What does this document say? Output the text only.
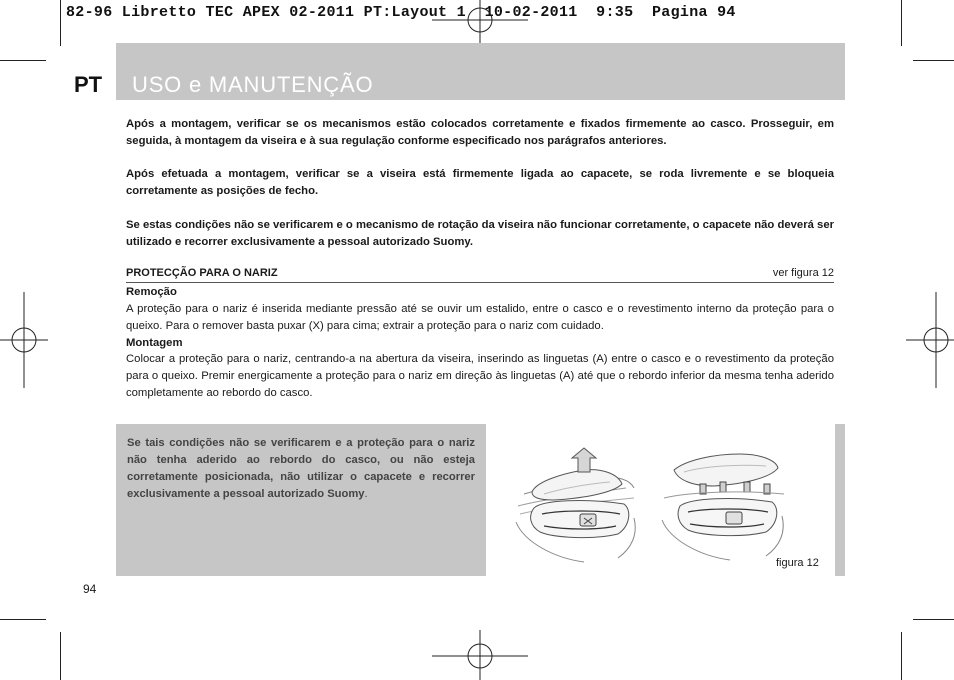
82-96 Libretto TEC APEX 02-2011 PT:Layout 1  10-02-2011  9:35  Pagina 94
PT USO e MANUTENÇÃO
Após a montagem, verificar se os mecanismos estão colocados corretamente e fixados firmemente ao casco. Prosseguir, em seguida, à montagem da viseira e à sua regulação conforme especificado nos parágrafos anteriores.
Após efetuada a montagem, verificar se a viseira está firmemente ligada ao capacete, se roda livremente e se bloqueia corretamente as posições de fecho.
Se estas condições não se verificarem e o mecanismo de rotação da viseira não funcionar corretamente, o capacete não deverá ser utilizado e recorrer exclusivamente a pessoal autorizado Suomy.
PROTECÇÃO PARA O NARIZ	ver figura 12
Remoção
A proteção para o nariz é inserida mediante pressão até se ouvir um estalido, entre o casco e o revestimento interno da proteção para o queixo. Para o remover basta puxar (X) para cima; extrair a proteção para o nariz com cuidado.
Montagem
Colocar a proteção para o nariz, centrando-a na abertura da viseira, inserindo as linguetas (A) entre o casco e o revestimento da proteção para o queixo. Premir energicamente a proteção para o nariz em direção às linguetas (A) até que o rebordo inferior da mesma tenha aderido completamente ao rebordo do casco.
Se tais condições não se verificarem e a proteção para o nariz não tenha aderido ao rebordo do casco, ou não esteja corretamente posicionada, não utilizar o capacete e recorrer exclusivamente a pessoal autorizado Suomy.
figura 12
94
